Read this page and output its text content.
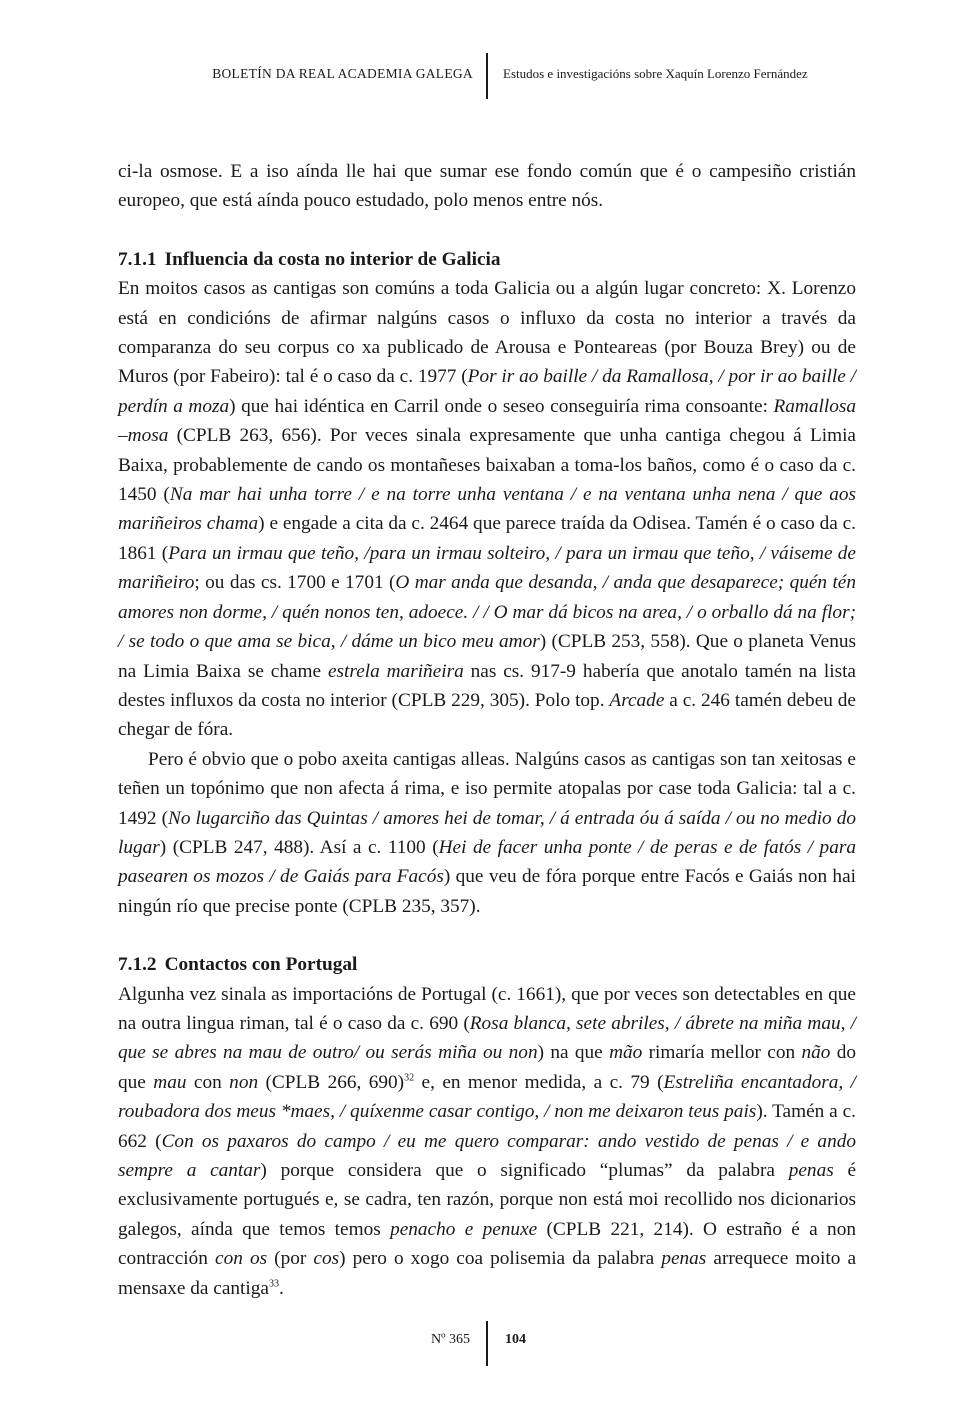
BOLETÍN DA REAL ACADEMIA GALEGA Estudos e investigacións sobre Xaquín Lorenzo Fernández

ci-la osmose. E a iso aínda lle hai que sumar ese fondo común que é o campesiño cristián europeo, que está aínda pouco estudado, polo menos entre nós.

7.1.1 Influencia da costa no interior de Galicia

En moitos casos as cantigas son comúns a toda Galicia ou a algún lugar concreto: X. Lorenzo está en condicións de afirmar nalgúns casos o influxo da costa no interior a través da comparanza do seu corpus co xa publicado de Arousa e Ponteareas (por Bouza Brey) ou de Muros (por Fabeiro): tal é o caso da c. 1977 (Por ir ao baille / da Ramallosa, / por ir ao baille / perdín a moza) que hai idéntica en Carril onde o seseo conseguiría rima consoante: Ramallosa –mosa (CPLB 263, 656). Por veces sinala expresamente que unha cantiga chegou á Limia Baixa, probablemente de cando os montañeses baixaban a toma-los baños, como é o caso da c. 1450 (Na mar hai unha torre / e na torre unha ventana / e na ventana unha nena / que aos mariñeiros chama) e engade a cita da c. 2464 que parece traída da Odisea. Tamén é o caso da c. 1861 (Para un irmau que teño, /para un irmau solteiro, / para un irmau que teño, / váiseme de mariñeiro; ou das cs. 1700 e 1701 (O mar anda que desanda, / anda que desaparece; quén tén amores non dorme, / quén nonos ten, adoece. / / O mar dá bicos na area, / o orballo dá na flor; / se todo o que ama se bica, / dáme un bico meu amor) (CPLB 253, 558). Que o planeta Venus na Limia Baixa se chame estrela mariñeira nas cs. 917-9 habería que anotalo tamén na lista destes influxos da costa no interior (CPLB 229, 305). Polo top. Arcade a c. 246 tamén debeu de chegar de fóra.

Pero é obvio que o pobo axeita cantigas alleas. Nalgúns casos as cantigas son tan xeitosas e teñen un topónimo que non afecta á rima, e iso permite atopalas por case toda Galicia: tal a c. 1492 (No lugarciño das Quintas / amores hei de tomar, / á entrada óu á saída / ou no medio do lugar) (CPLB 247, 488). Así a c. 1100 (Hei de facer unha ponte / de peras e de fatós / para pasearen os mozos / de Gaiás para Facós) que veu de fóra porque entre Facós e Gaiás non hai ningún río que precise ponte (CPLB 235, 357).

7.1.2 Contactos con Portugal

Algunha vez sinala as importacións de Portugal (c. 1661), que por veces son detectables en que na outra lingua riman, tal é o caso da c. 690 (Rosa blanca, sete abriles, / ábrete na miña mau, / que se abres na mau de outro/ ou serás miña ou non) na que mão rimaría mellor con não do que mau con non (CPLB 266, 690)$^{32}$ e, en menor medida, a c. 79 (Estreliña encantadora, / roubadora dos meus *maes, / quíxenme casar contigo, / non me deixaron teus pais). Tamén a c. 662 (Con os paxaros do campo / eu me quero comparar: ando vestido de penas / e ando sempre a cantar) porque considera que o significado “plumas” da palabra penas é exclusivamente portugués e, se cadra, ten razón, porque non está moi recollido nos dicionarios galegos, aínda que temos temos penacho e penuxe (CPLB 221, 214). O estraño é a non contracción con os (por cos) pero o xogo coa polisemia da palabra penas arrequece moito a mensaxe da cantiga$^{33}$.

Nº 365	104
